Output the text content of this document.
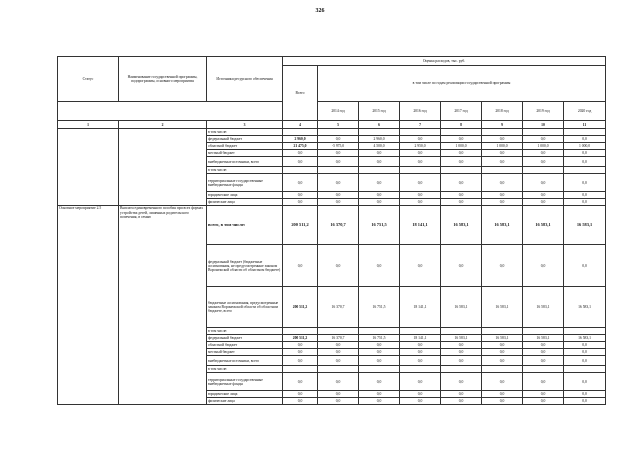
326
Статус	Наименование государственной программы, подпрограммы, основного мероприятия	Источники ресурсного обеспечения	Оценка расходов, тыс. руб.							
			Всего	в том числе по годам реализации государственной программы						
				2014 год	2015 год	2016 год	2017 год	2018 год	2019 год	2020 год
1	2	3	4	5	6	7	8	9	10	11
		в том числе:								
		федеральный бюджет	2 960,0	0,0	2 960,0	0,0	0,0	0,0	0,0	0,0
		областной бюджет	21 475,0	-5 975,0	4 500,0	2 950,0	1 000,0	1 000,0	1 000,0	1 000,0
		местный бюджет	0,0	0,0	0,0	0,0	0,0	0,0	0,0	0,0
		внебюджетные источники, всего	0,0	0,0	0,0	0,0	0,0	0,0	0,0	0,0
		в том числе:								
		территориальные государственные внебюджетные фонды	0,0	0,0	0,0	0,0	0,0	0,0	0,0	0,0
		юридические лица	0,0	0,0	0,0	0,0	0,0	0,0	0,0	0,0
		физические лица	0,0	0,0	0,0	0,0	0,0	0,0	0,0	0,0
Основное мероприятие 2.5	Выплата единовременного пособия при всех формах устройства детей, лишенных родительского попечения, в семью	всего, в том числе:	200 511,2	16 370,7	16 751,5	18 141,1	16 583,1	16 583,1	16 583,1	16 583,1
		федеральный бюджет (бюджетные ассигнования, не предусмотренные законом Воронежской области об областном бюджете)	0,0	0,0	0,0	0,0	0,0	0,0	0,0	0,0
		бюджетные ассигнования, предусмотренные законом Воронежской области об областном бюджете, всего	200 511,2	16 370,7	16 751,5	18 141,1	16 583,1	16 583,1	16 583,1	16 583,1
		в том числе:								
		федеральный бюджет	200 511,2	16 370,7	16 751,5	18 141,1	16 583,1	16 583,1	16 583,1	16 583,1
		областной бюджет	0,0	0,0	0,0	0,0	0,0	0,0	0,0	0,0
		местный бюджет	0,0	0,0	0,0	0,0	0,0	0,0	0,0	0,0
		внебюджетные источники, всего	0,0	0,0	0,0	0,0	0,0	0,0	0,0	0,0
		в том числе:								
		территориальные государственные внебюджетные фонды	0,0	0,0	0,0	0,0	0,0	0,0	0,0	0,0
		юридические лица	0,0	0,0	0,0	0,0	0,0	0,0	0,0	0,0
		физические лица	0,0	0,0	0,0	0,0	0,0	0,0	0,0	0,0
